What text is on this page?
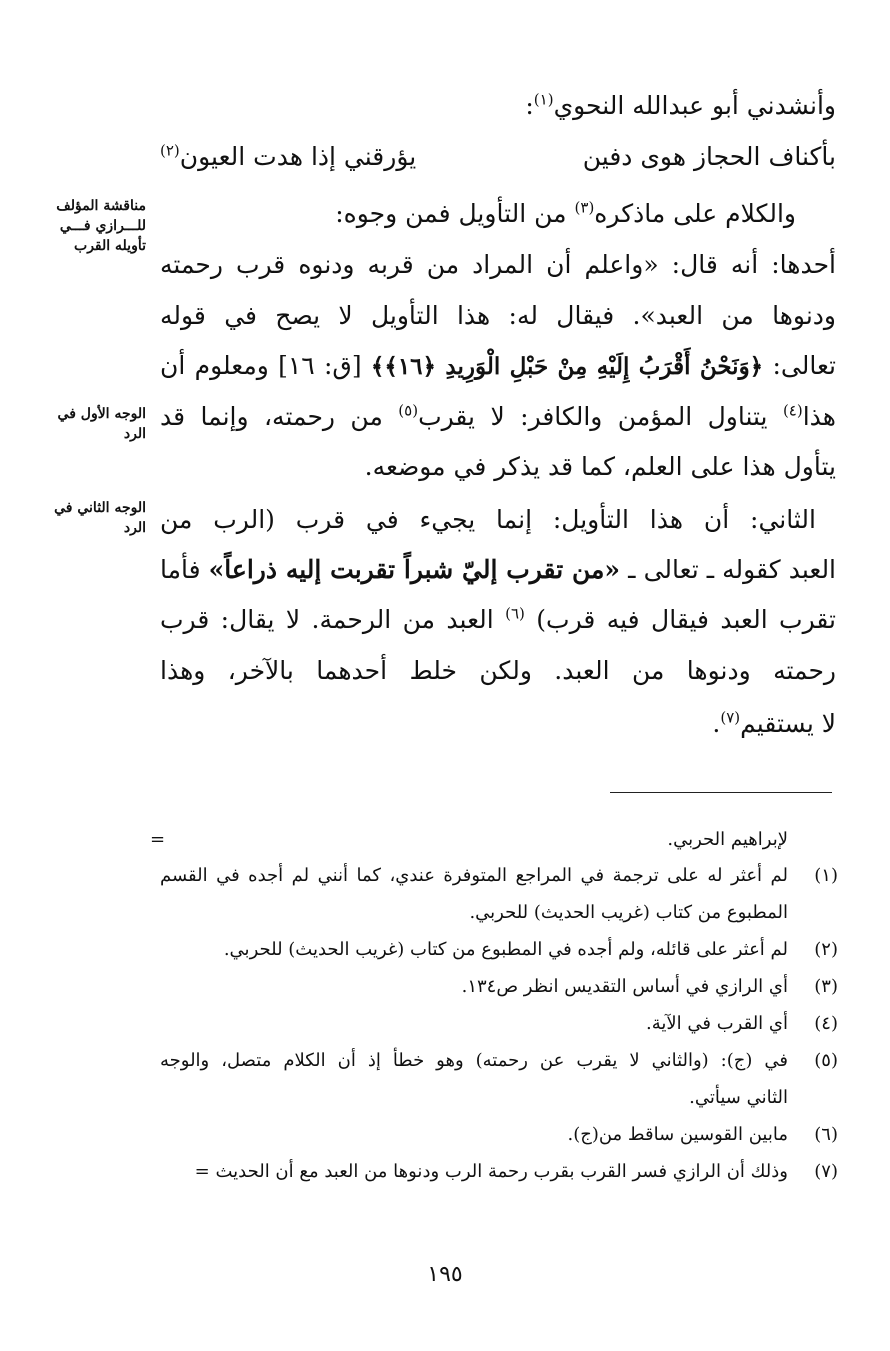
مناقشة المؤلف للـــرازي فـــي تأويله القرب
الوجه الأول في الرد
الوجه الثاني في الرد
وأنشدني أبو عبدالله النحوي$^{(١)}$:
بأكناف الحجاز هوى دفين
يؤرقني إذا هدت العيون$^{(٢)}$
والكلام على ماذكره$^{(٣)}$ من التأويل فمن وجوه:
أحدها: أنه قال: «واعلم أن المراد من قربه ودنوه قرب رحمته
ودنوها من العبد». فيقال له: هذا التأويل لا يصح في قوله
تعالى: ﴿وَنَحْنُ أَقْرَبُ إِلَيْهِ مِنْ حَبْلِ الْوَرِيدِ ﴿١٦﴾﴾ [ق: ١٦] ومعلوم أن
هذا$^{(٤)}$ يتناول المؤمن والكافر: لا يقرب$^{(٥)}$ من رحمته، وإنما قد
يتأول هذا على العلم، كما قد يذكر في موضعه.
الثاني: أن هذا التأويل: إنما يجيء في قرب (الرب من
العبد كقوله ـ تعالى ـ «من تقرب إليّ شبراً تقربت إليه ذراعاً» فأما
تقرب العبد فيقال فيه قرب) $^{(٦)}$ العبد من الرحمة. لا يقال: قرب
رحمته ودنوها من العبد. ولكن خلط أحدهما بالآخر، وهذا
لا يستقيم$^{(٧)}$.
=	لإبراهيم الحربي.
(١)
لم أعثر له على ترجمة في المراجع المتوفرة عندي، كما أنني لم أجده في القسم
المطبوع من كتاب (غريب الحديث) للحربي.
(٢)
لم أعثر على قائله، ولم أجده في المطبوع من كتاب (غريب الحديث) للحربي.
(٣)
أي الرازي في أساس التقديس انظر ص١٣٤.
(٤)
أي القرب في الآية.
(٥)
في (ج): (والثاني لا يقرب عن رحمته) وهو خطأ إذ أن الكلام متصل، والوجه
الثاني سيأتي.
(٦)
مابين القوسين ساقط من(ج).
(٧)
وذلك أن الرازي فسر القرب بقرب رحمة الرب ودنوها من العبد مع أن الحديث =
١٩٥
